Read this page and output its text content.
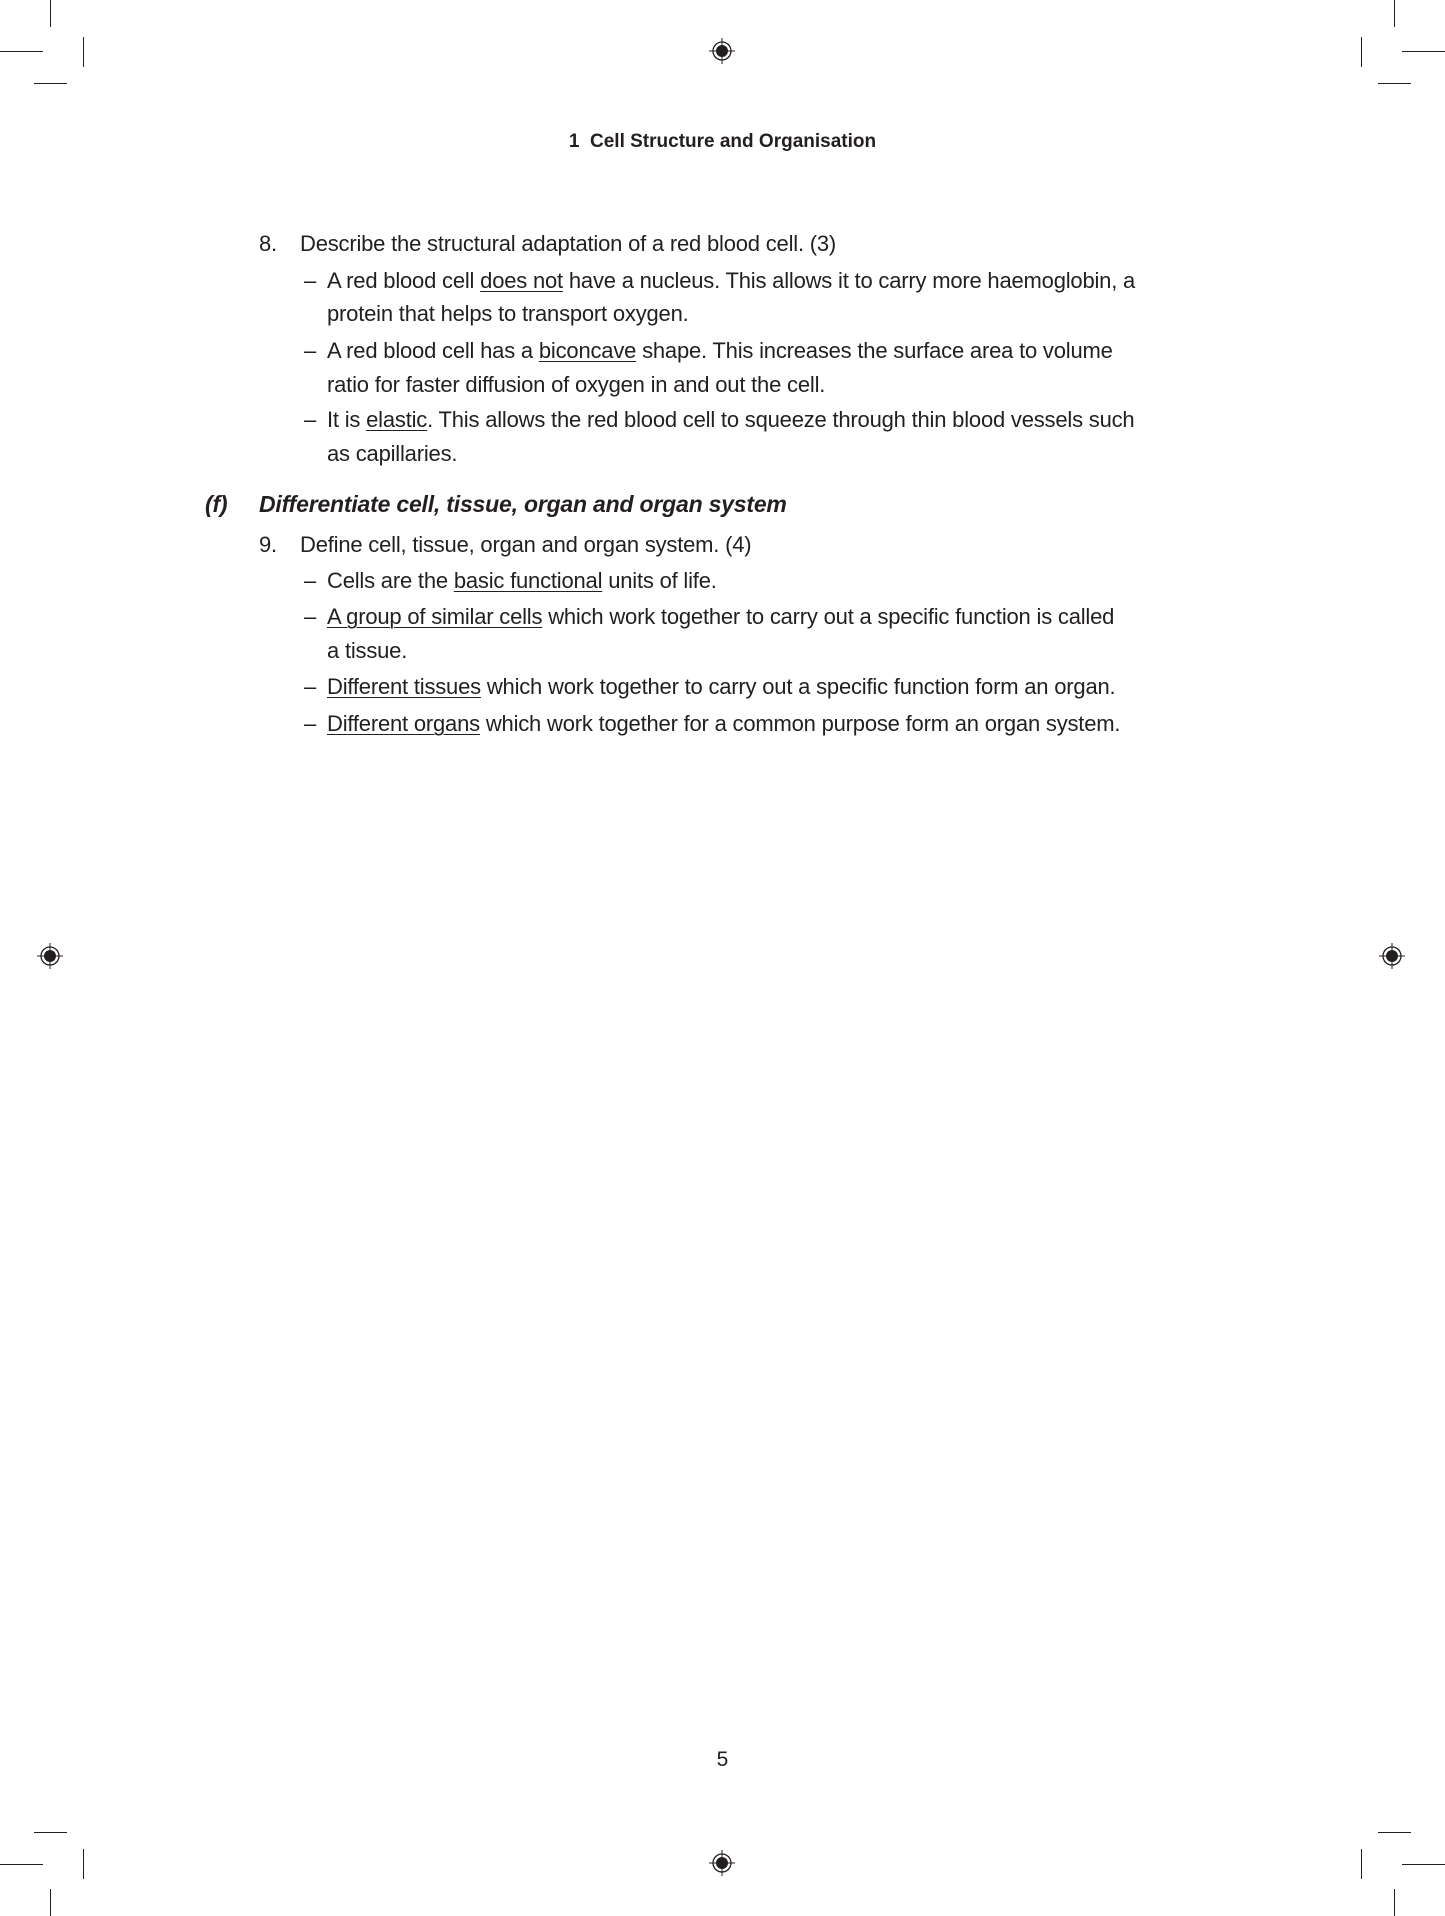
1  Cell Structure and Organisation
8. Describe the structural adaptation of a red blood cell. (3)
– A red blood cell does not have a nucleus. This allows it to carry more haemoglobin, a
protein that helps to transport oxygen.
– A red blood cell has a biconcave shape. This increases the surface area to volume
ratio for faster diffusion of oxygen in and out the cell.
– It is elastic. This allows the red blood cell to squeeze through thin blood vessels such
as capillaries.
(f) Differentiate cell, tissue, organ and organ system
9. Define cell, tissue, organ and organ system. (4)
– Cells are the basic functional units of life.
– A group of similar cells which work together to carry out a specific function is called
a tissue.
– Different tissues which work together to carry out a specific function form an organ.
– Different organs which work together for a common purpose form an organ system.
5
